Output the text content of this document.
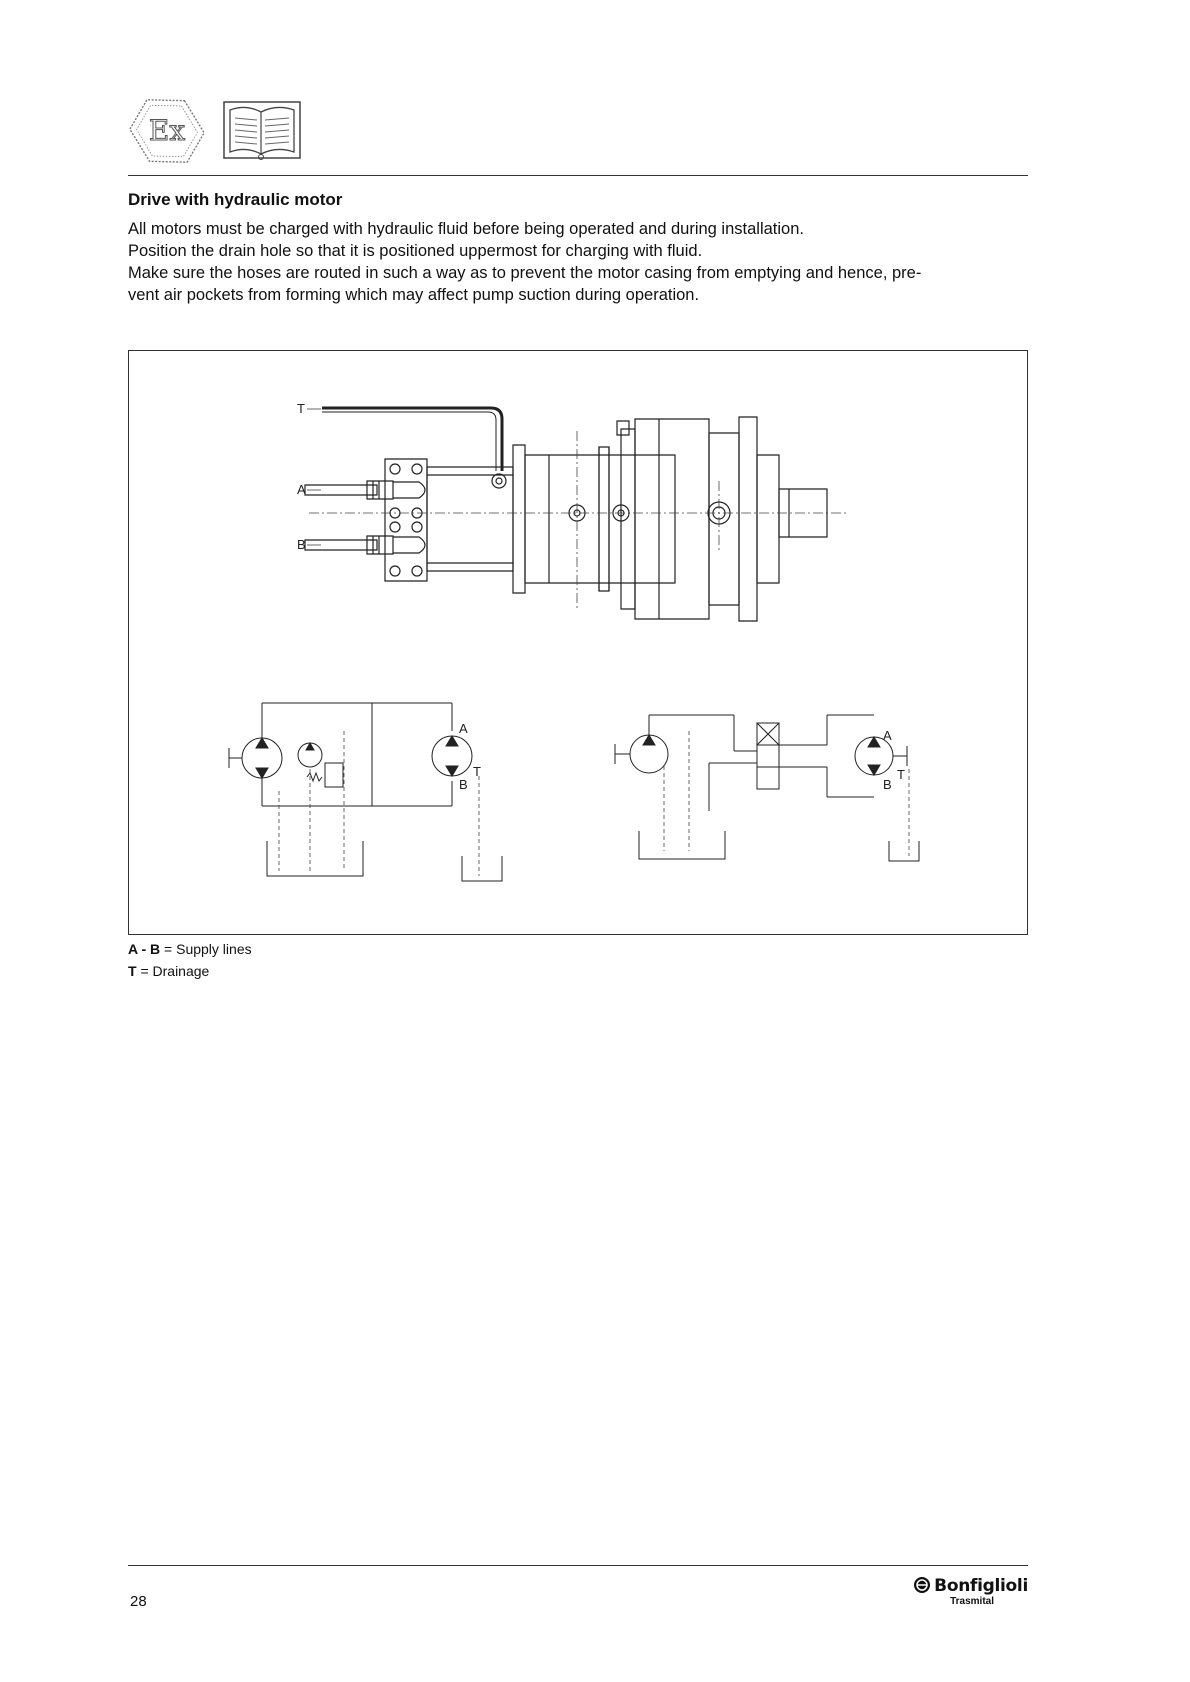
Ex
Drive with hydraulic motor
All motors must be charged with hydraulic fluid before being operated and during installation.
Position the drain hole so that it is positioned uppermost for charging with fluid.
Make sure the hoses are routed in such a way as to prevent the motor casing from emptying and hence, pre-
vent air pockets from forming which may affect pump suction during operation.
T
A
B
A
B
T
A
B
T
A - B = Supply lines
T = Drainage
28
Bonfiglioli
Trasmital
